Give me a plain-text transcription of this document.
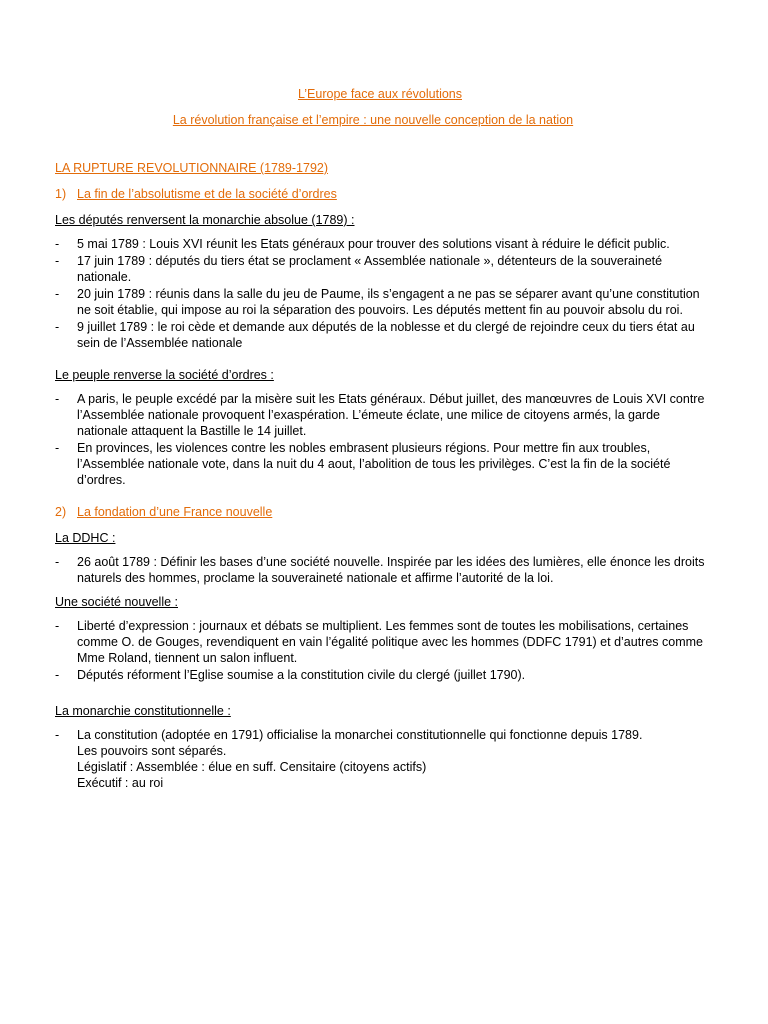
L’Europe face aux révolutions

La révolution française et l’empire : une nouvelle conception de la nation

LA RUPTURE REVOLUTIONNAIRE (1789-1792)
1) La fin de l’absolutisme et de la société d’ordres
Les députés renversent la monarchie absolue (1789) :
- 5 mai 1789 : Louis XVI réunit les Etats généraux pour trouver des solutions visant à réduire le déficit public.
- 17 juin 1789 : députés du tiers état se proclament « Assemblée nationale », détenteurs de la souveraineté nationale.
- 20 juin 1789 : réunis dans la salle du jeu de Paume, ils s’engagent a ne pas se séparer avant qu’une constitution ne soit établie, qui impose au roi la séparation des pouvoirs. Les députés mettent fin au pouvoir absolu du roi.
- 9 juillet 1789 : le roi cède et demande aux députés de la noblesse et du clergé de rejoindre ceux du tiers état au sein de l’Assemblée nationale
Le peuple renverse la société d’ordres :
- A paris, le peuple excédé par la misère suit les Etats généraux. Début juillet, des manœuvres de Louis XVI contre l’Assemblée nationale provoquent l’exaspération. L’émeute éclate, une milice de citoyens armés, la garde nationale attaquent la Bastille le 14 juillet.
- En provinces, les violences contre les nobles embrasent plusieurs régions. Pour mettre fin aux troubles, l’Assemblée nationale vote, dans la nuit du 4 aout, l’abolition de tous les privilèges. C’est la fin de la société d’ordres.
2) La fondation d’une France nouvelle
La DDHC :
- 26 août 1789 : Définir les bases d’une société nouvelle. Inspirée par les idées des lumières, elle énonce les droits naturels des hommes, proclame la souveraineté nationale et affirme l’autorité de la loi.
Une société nouvelle :
- Liberté d’expression : journaux et débats se multiplient. Les femmes sont de toutes les mobilisations, certaines comme O. de Gouges, revendiquent en vain l’égalité politique avec les hommes (DDFC 1791) et d’autres comme Mme Roland, tiennent un salon influent.
- Députés réforment l’Eglise soumise a la constitution civile du clergé (juillet 1790).
La monarchie constitutionnelle :
- La constitution (adoptée en 1791) officialise la monarchei constitutionnelle qui fonctionne depuis 1789.
Les pouvoirs sont séparés.
Législatif : Assemblée : élue en suff. Censitaire (citoyens actifs)
Exécutif : au roi
